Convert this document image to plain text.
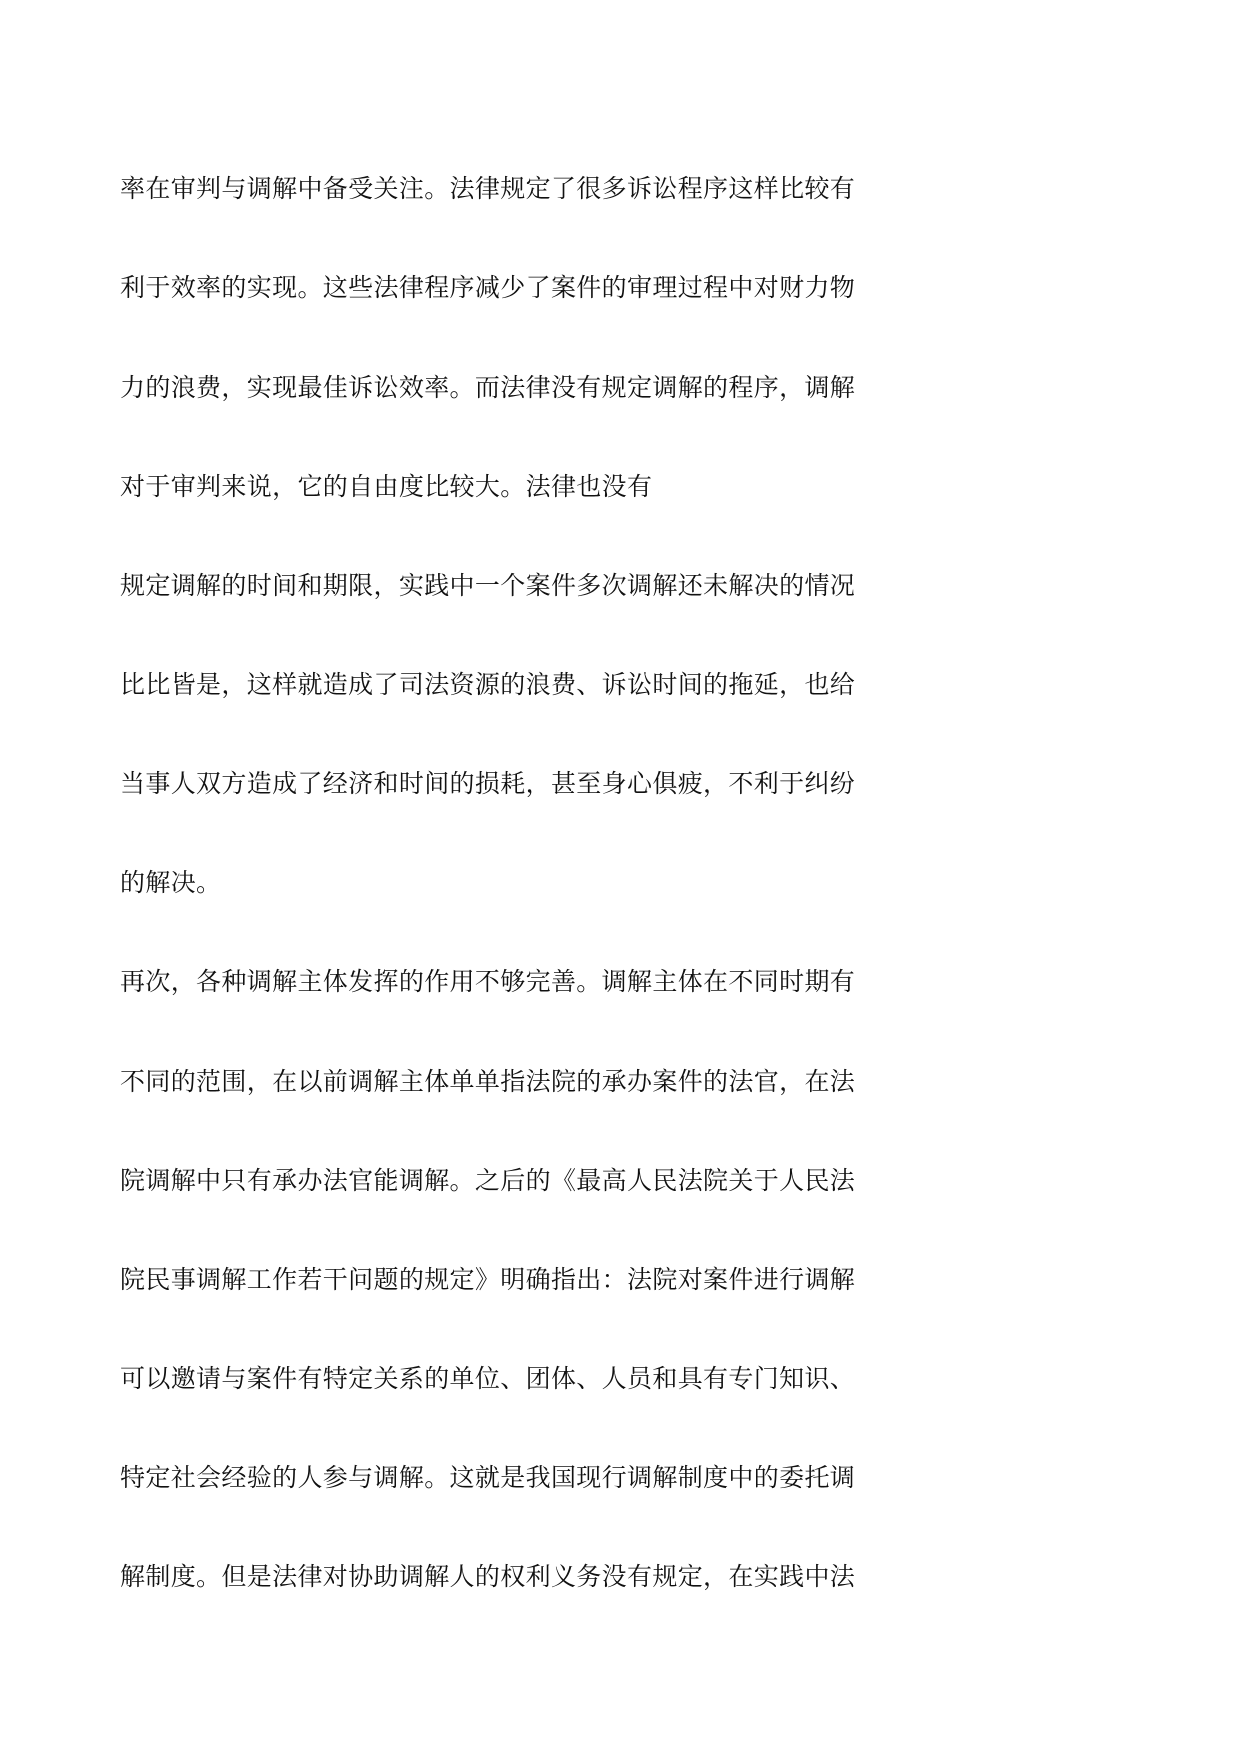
率在审判与调解中备受关注。法律规定了很多诉讼程序这样比较有
利于效率的实现。这些法律程序减少了案件的审理过程中对财力物
力的浪费，实现最佳诉讼效率。而法律没有规定调解的程序，调解
对于审判来说，它的自由度比较大。法律也没有
规定调解的时间和期限，实践中一个案件多次调解还未解决的情况
比比皆是，这样就造成了司法资源的浪费、诉讼时间的拖延，也给
当事人双方造成了经济和时间的损耗，甚至身心俱疲，不利于纠纷
的解决。
再次，各种调解主体发挥的作用不够完善。调解主体在不同时期有
不同的范围，在以前调解主体单单指法院的承办案件的法官，在法
院调解中只有承办法官能调解。之后的《最高人民法院关于人民法
院民事调解工作若干问题的规定》明确指出：法院对案件进行调解
可以邀请与案件有特定关系的单位、团体、人员和具有专门知识、
特定社会经验的人参与调解。这就是我国现行调解制度中的委托调
解制度。但是法律对协助调解人的权利义务没有规定，在实践中法
